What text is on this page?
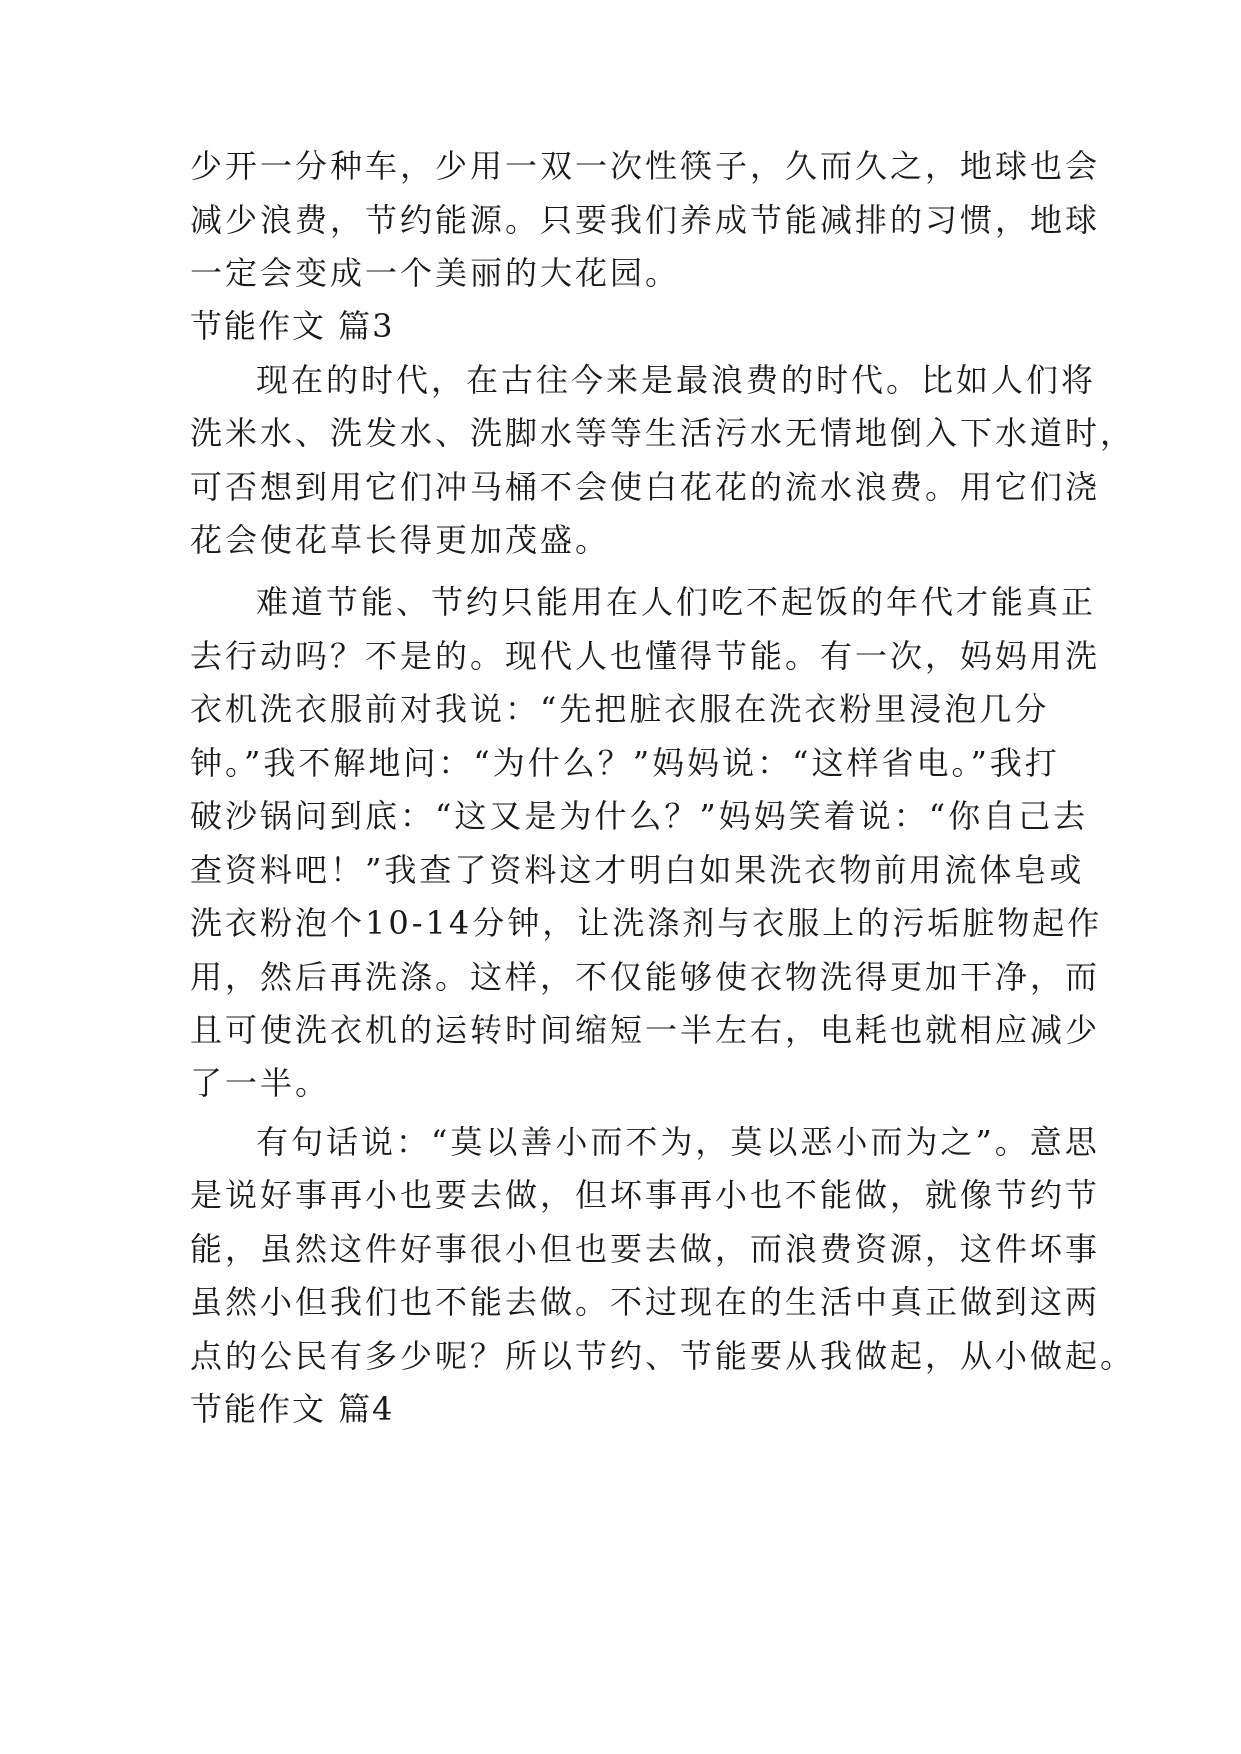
少开一分种车，少用一双一次性筷子，久而久之，地球也会
减少浪费，节约能源。只要我们养成节能减排的习惯，地球
一定会变成一个美丽的大花园。
节能作文 篇3
现在的时代，在古往今来是最浪费的时代。比如人们将
洗米水、洗发水、洗脚水等等生活污水无情地倒入下水道时，
可否想到用它们冲马桶不会使白花花的流水浪费。用它们浇
花会使花草长得更加茂盛。
难道节能、节约只能用在人们吃不起饭的年代才能真正
去行动吗？不是的。现代人也懂得节能。有一次，妈妈用洗
衣机洗衣服前对我说：“先把脏衣服在洗衣粉里浸泡几分
钟。”我不解地问：“为什么？”妈妈说：“这样省电。”我打
破沙锅问到底：“这又是为什么？”妈妈笑着说：“你自己去
查资料吧！”我查了资料这才明白如果洗衣物前用流体皂或
洗衣粉泡个10-14分钟，让洗涤剂与衣服上的污垢脏物起作
用，然后再洗涤。这样，不仅能够使衣物洗得更加干净，而
且可使洗衣机的运转时间缩短一半左右，电耗也就相应减少
了一半。
有句话说：“莫以善小而不为，莫以恶小而为之”。意思
是说好事再小也要去做，但坏事再小也不能做，就像节约节
能，虽然这件好事很小但也要去做，而浪费资源，这件坏事
虽然小但我们也不能去做。不过现在的生活中真正做到这两
点的公民有多少呢？所以节约、节能要从我做起，从小做起。
节能作文 篇4
